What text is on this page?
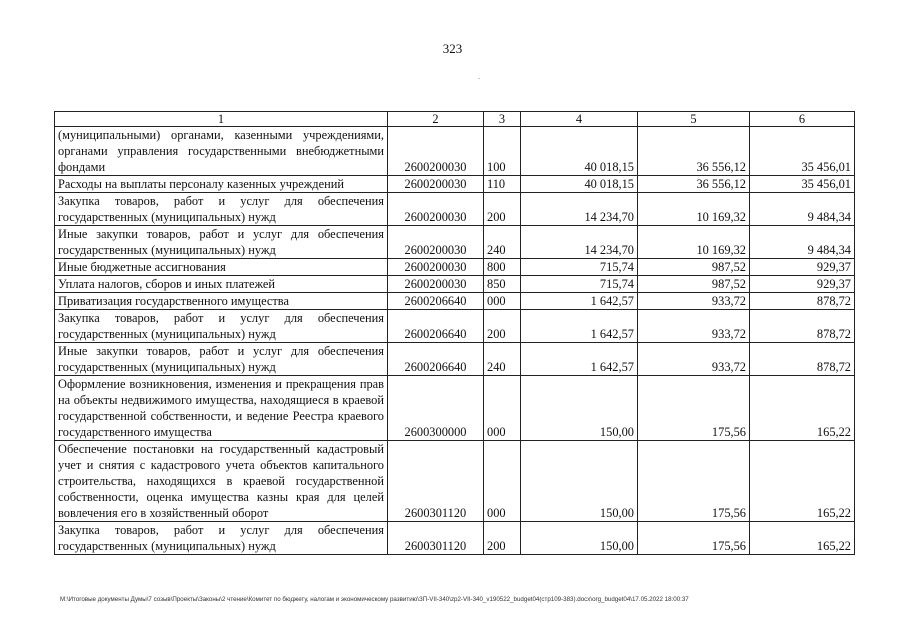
323
.
1	2	3	4	5	6
(муниципальными) органами, казенными учреждениями, органами управления государственными внебюджетными фондами	2600200030	100	40 018,15	36 556,12	35 456,01
Расходы на выплаты персоналу казенных учреждений	2600200030	110	40 018,15	36 556,12	35 456,01
Закупка товаров, работ и услуг для обеспечения государственных (муниципальных) нужд	2600200030	200	14 234,70	10 169,32	9 484,34
Иные закупки товаров, работ и услуг для обеспечения государственных (муниципальных) нужд	2600200030	240	14 234,70	10 169,32	9 484,34
Иные бюджетные ассигнования	2600200030	800	715,74	987,52	929,37
Уплата налогов, сборов и иных платежей	2600200030	850	715,74	987,52	929,37
Приватизация государственного имущества	2600206640	000	1 642,57	933,72	878,72
Закупка товаров, работ и услуг для обеспечения государственных (муниципальных) нужд	2600206640	200	1 642,57	933,72	878,72
Иные закупки товаров, работ и услуг для обеспечения государственных (муниципальных) нужд	2600206640	240	1 642,57	933,72	878,72
Оформление возникновения, изменения и прекращения прав на объекты недвижимого имущества, находящиеся в краевой государственной собственности, и ведение Реестра краевого государственного имущества	2600300000	000	150,00	175,56	165,22
Обеспечение постановки на государственный кадастровый учет и снятия с кадастрового учета объектов капитального строительства, находящихся в краевой государственной собственности, оценка имущества казны края для целей вовлечения его в хозяйственный оборот	2600301120	000	150,00	175,56	165,22
Закупка товаров, работ и услуг для обеспечения государственных (муниципальных) нужд	2600301120	200	150,00	175,56	165,22
M:\Итоговые документы Думы\7 созыв\Проекты\Законы\2 чтение\Комитет по бюджету, налогам и экономическому развитию\ЗП-VII-340\zp2-VII-340_v190522_budget04(стр109-383).docx\org_budget04\17.05.2022 18:00:37
